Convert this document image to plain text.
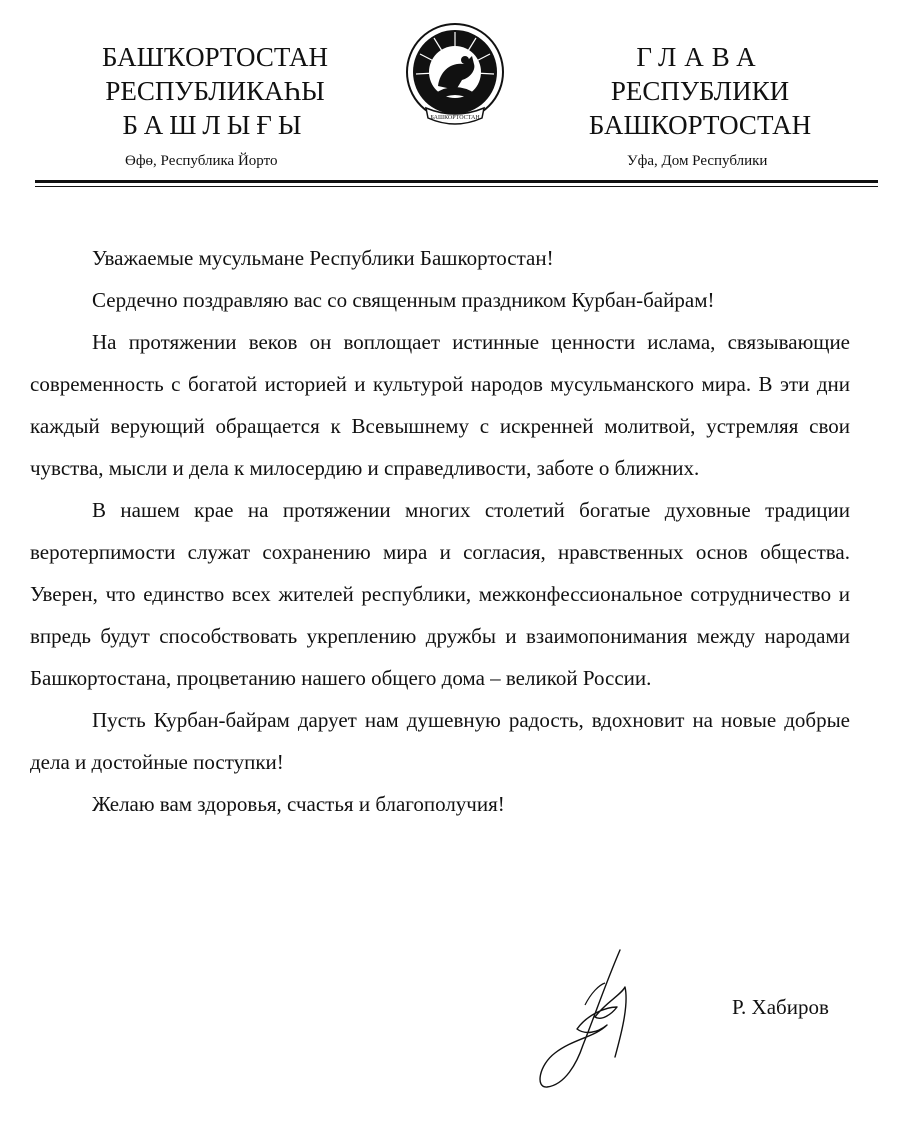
БАШҠОРТОСТАН
РЕСПУБЛИКАҺЫ
БАШЛЫҒЫ
Өфө, Республика Йорто
БАШКОРТОСТАН
ГЛАВА
РЕСПУБЛИКИ
БАШКОРТОСТАН
Уфа, Дом Республики

Уважаемые мусульмане Республики Башкортостан!

Сердечно поздравляю вас со священным праздником Курбан-байрам!

На протяжении веков он воплощает истинные ценности ислама, связывающие современность с богатой историей и культурой народов мусульманского мира. В эти дни каждый верующий обращается к Всевышнему с искренней молитвой, устремляя свои чувства, мысли и дела к милосердию и справедливости, заботе о ближних.

В нашем крае на протяжении многих столетий богатые духовные традиции веротерпимости служат сохранению мира и согласия, нравственных основ общества. Уверен, что единство всех жителей республики, межконфессиональное сотрудничество и впредь будут способствовать укреплению дружбы и взаимопонимания между народами Башкортостана, процветанию нашего общего дома – великой России.

Пусть Курбан-байрам дарует нам душевную радость, вдохновит на новые добрые дела и достойные поступки!

Желаю вам здоровья, счастья и благополучия!

Р. Хабиров
